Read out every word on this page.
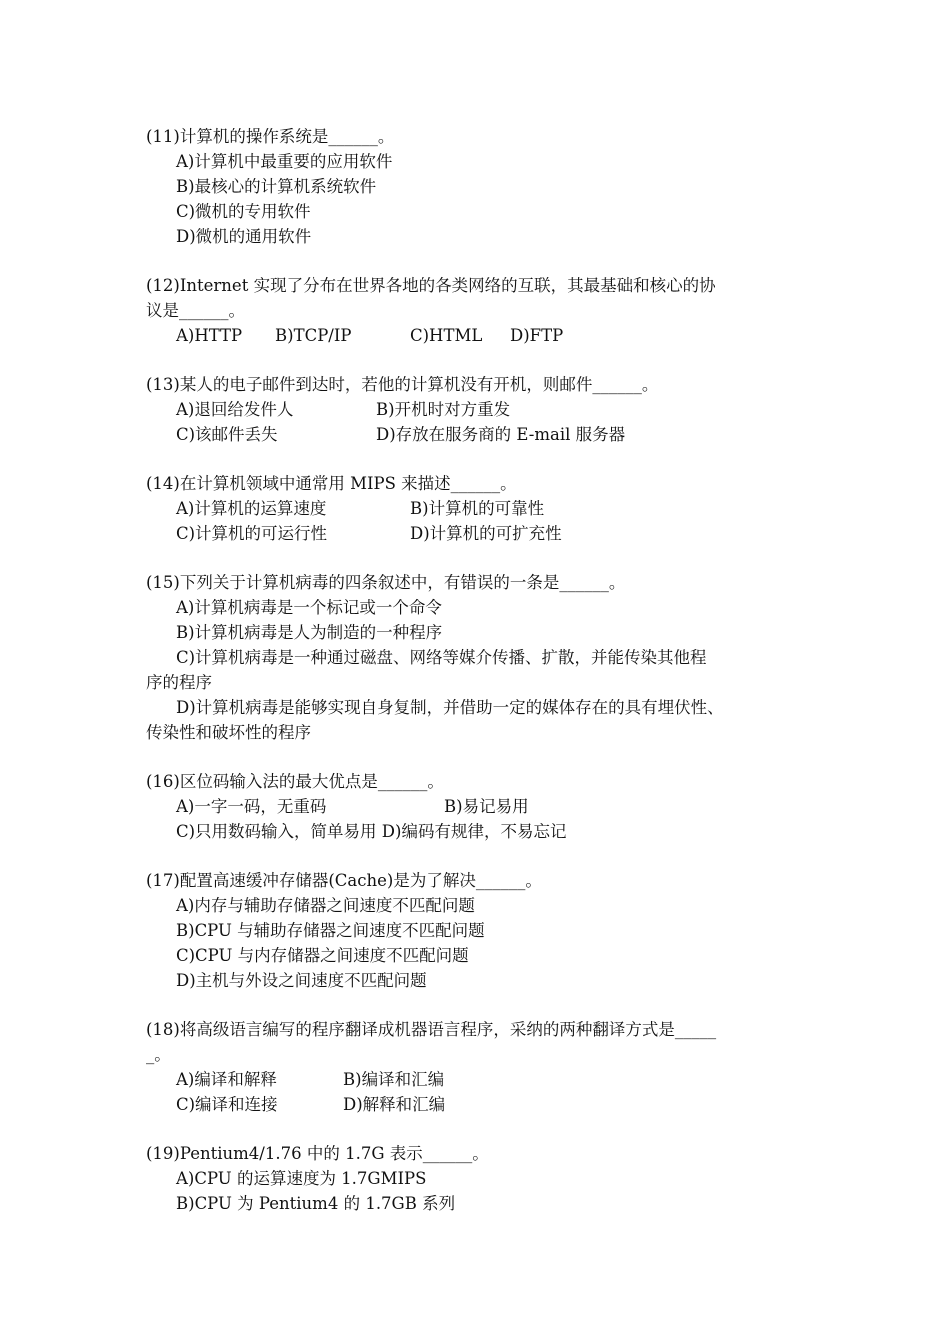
(11)计算机的操作系统是______。
A)计算机中最重要的应用软件
B)最核心的计算机系统软件
C)微机的专用软件
D)微机的通用软件
(12)Internet 实现了分布在世界各地的各类网络的互联，其最基础和核心的协
议是______。
A)HTTP	B)TCP/IP	C)HTML	D)FTP
(13)某人的电子邮件到达时，若他的计算机没有开机，则邮件______。
A)退回给发件人	B)开机时对方重发
C)该邮件丢失	D)存放在服务商的 E-mail 服务器
(14)在计算机领域中通常用 MIPS 来描述______。
A)计算机的运算速度	B)计算机的可靠性
C)计算机的可运行性	D)计算机的可扩充性
(15)下列关于计算机病毒的四条叙述中，有错误的一条是______。
A)计算机病毒是一个标记或一个命令
B)计算机病毒是人为制造的一种程序
C)计算机病毒是一种通过磁盘、网络等媒介传播、扩散，并能传染其他程
序的程序
D)计算机病毒是能够实现自身复制，并借助一定的媒体存在的具有埋伏性、
传染性和破坏性的程序
(16)区位码输入法的最大优点是______。
A)一字一码，无重码	B)易记易用
C)只用数码输入，简单易用 D)编码有规律，不易忘记
(17)配置高速缓冲存储器(Cache)是为了解决______。
A)内存与辅助存储器之间速度不匹配问题
B)CPU 与辅助存储器之间速度不匹配问题
C)CPU 与内存储器之间速度不匹配问题
D)主机与外设之间速度不匹配问题
(18)将高级语言编写的程序翻译成机器语言程序，采纳的两种翻译方式是_____
_。
A)编译和解释	B)编译和汇编
C)编译和连接	D)解释和汇编
(19)Pentium4/1.76 中的 1.7G 表示______。
A)CPU 的运算速度为 1.7GMIPS
B)CPU 为 Pentium4 的 1.7GB 系列
